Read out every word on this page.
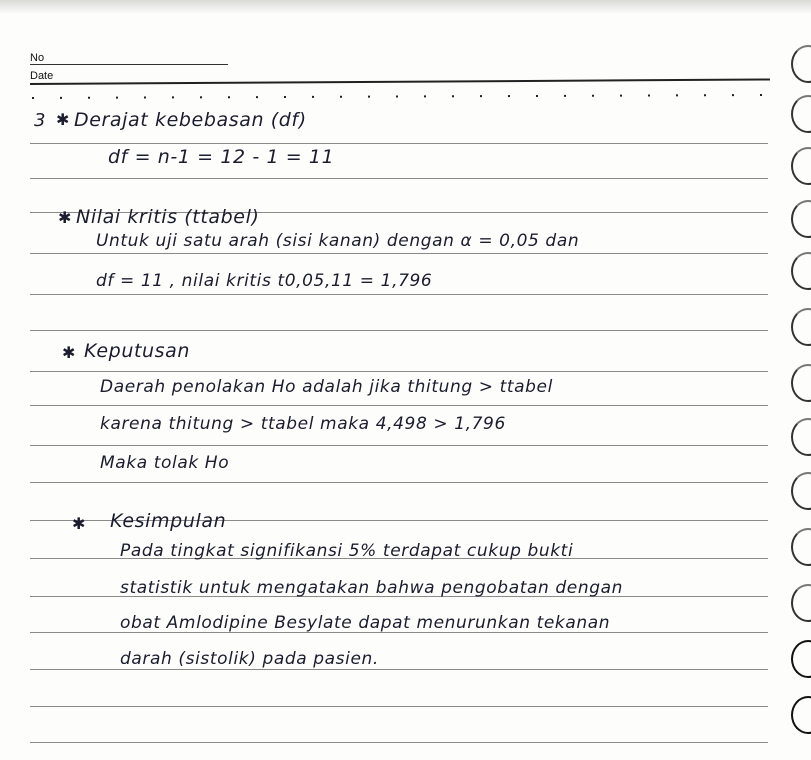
No
Date
3 ✱ Derajat kebebasan (df)
df = n-1 = 12 - 1 = 11
✱ Nilai kritis (ttabel)
Untuk uji satu arah (sisi kanan) dengan α = 0,05 dan
df = 11 , nilai kritis t0,05,11 = 1,796
✱ Keputusan
Daerah penolakan Ho adalah jika thitung > ttabel
karena thitung > ttabel maka 4,498 > 1,796
Maka tolak Ho
✱ Kesimpulan
Pada tingkat signifikansi 5% terdapat cukup bukti
statistik untuk mengatakan bahwa pengobatan dengan
obat Amlodipine Besylate dapat menurunkan tekanan
darah (sistolik) pada pasien.
